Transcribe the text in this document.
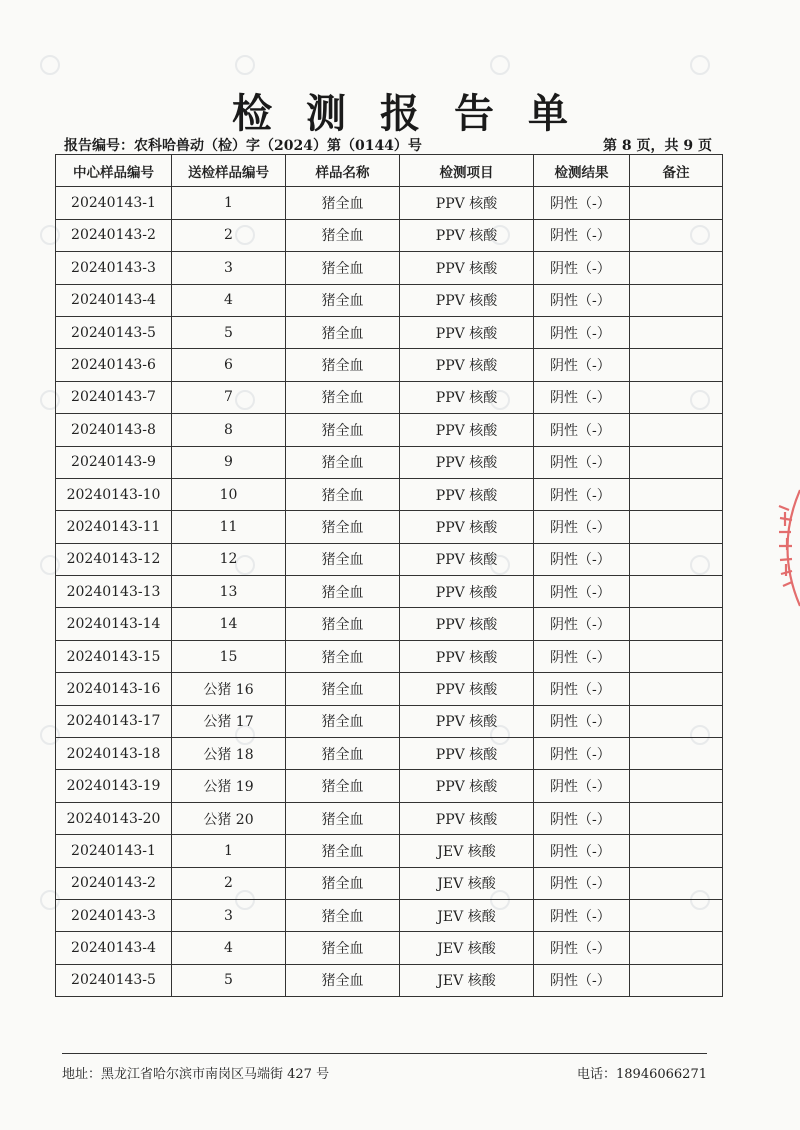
检测报告单
报告编号：农科哈兽动（检）字（2024）第（0144）号	第 8 页，共 9 页
中心样品编号	送检样品编号	样品名称	检测项目	检测结果	备注
20240143-1	1	猪全血	PPV 核酸	阴性（-）	
20240143-2	2	猪全血	PPV 核酸	阴性（-）	
20240143-3	3	猪全血	PPV 核酸	阴性（-）	
20240143-4	4	猪全血	PPV 核酸	阴性（-）	
20240143-5	5	猪全血	PPV 核酸	阴性（-）	
20240143-6	6	猪全血	PPV 核酸	阴性（-）	
20240143-7	7	猪全血	PPV 核酸	阴性（-）	
20240143-8	8	猪全血	PPV 核酸	阴性（-）	
20240143-9	9	猪全血	PPV 核酸	阴性（-）	
20240143-10	10	猪全血	PPV 核酸	阴性（-）	
20240143-11	11	猪全血	PPV 核酸	阴性（-）	
20240143-12	12	猪全血	PPV 核酸	阴性（-）	
20240143-13	13	猪全血	PPV 核酸	阴性（-）	
20240143-14	14	猪全血	PPV 核酸	阴性（-）	
20240143-15	15	猪全血	PPV 核酸	阴性（-）	
20240143-16	公猪 16	猪全血	PPV 核酸	阴性（-）	
20240143-17	公猪 17	猪全血	PPV 核酸	阴性（-）	
20240143-18	公猪 18	猪全血	PPV 核酸	阴性（-）	
20240143-19	公猪 19	猪全血	PPV 核酸	阴性（-）	
20240143-20	公猪 20	猪全血	PPV 核酸	阴性（-）	
20240143-1	1	猪全血	JEV 核酸	阴性（-）	
20240143-2	2	猪全血	JEV 核酸	阴性（-）	
20240143-3	3	猪全血	JEV 核酸	阴性（-）	
20240143-4	4	猪全血	JEV 核酸	阴性（-）	
20240143-5	5	猪全血	JEV 核酸	阴性（-）	
地址：黑龙江省哈尔滨市南岗区马端街 427 号	电话：18946066271
